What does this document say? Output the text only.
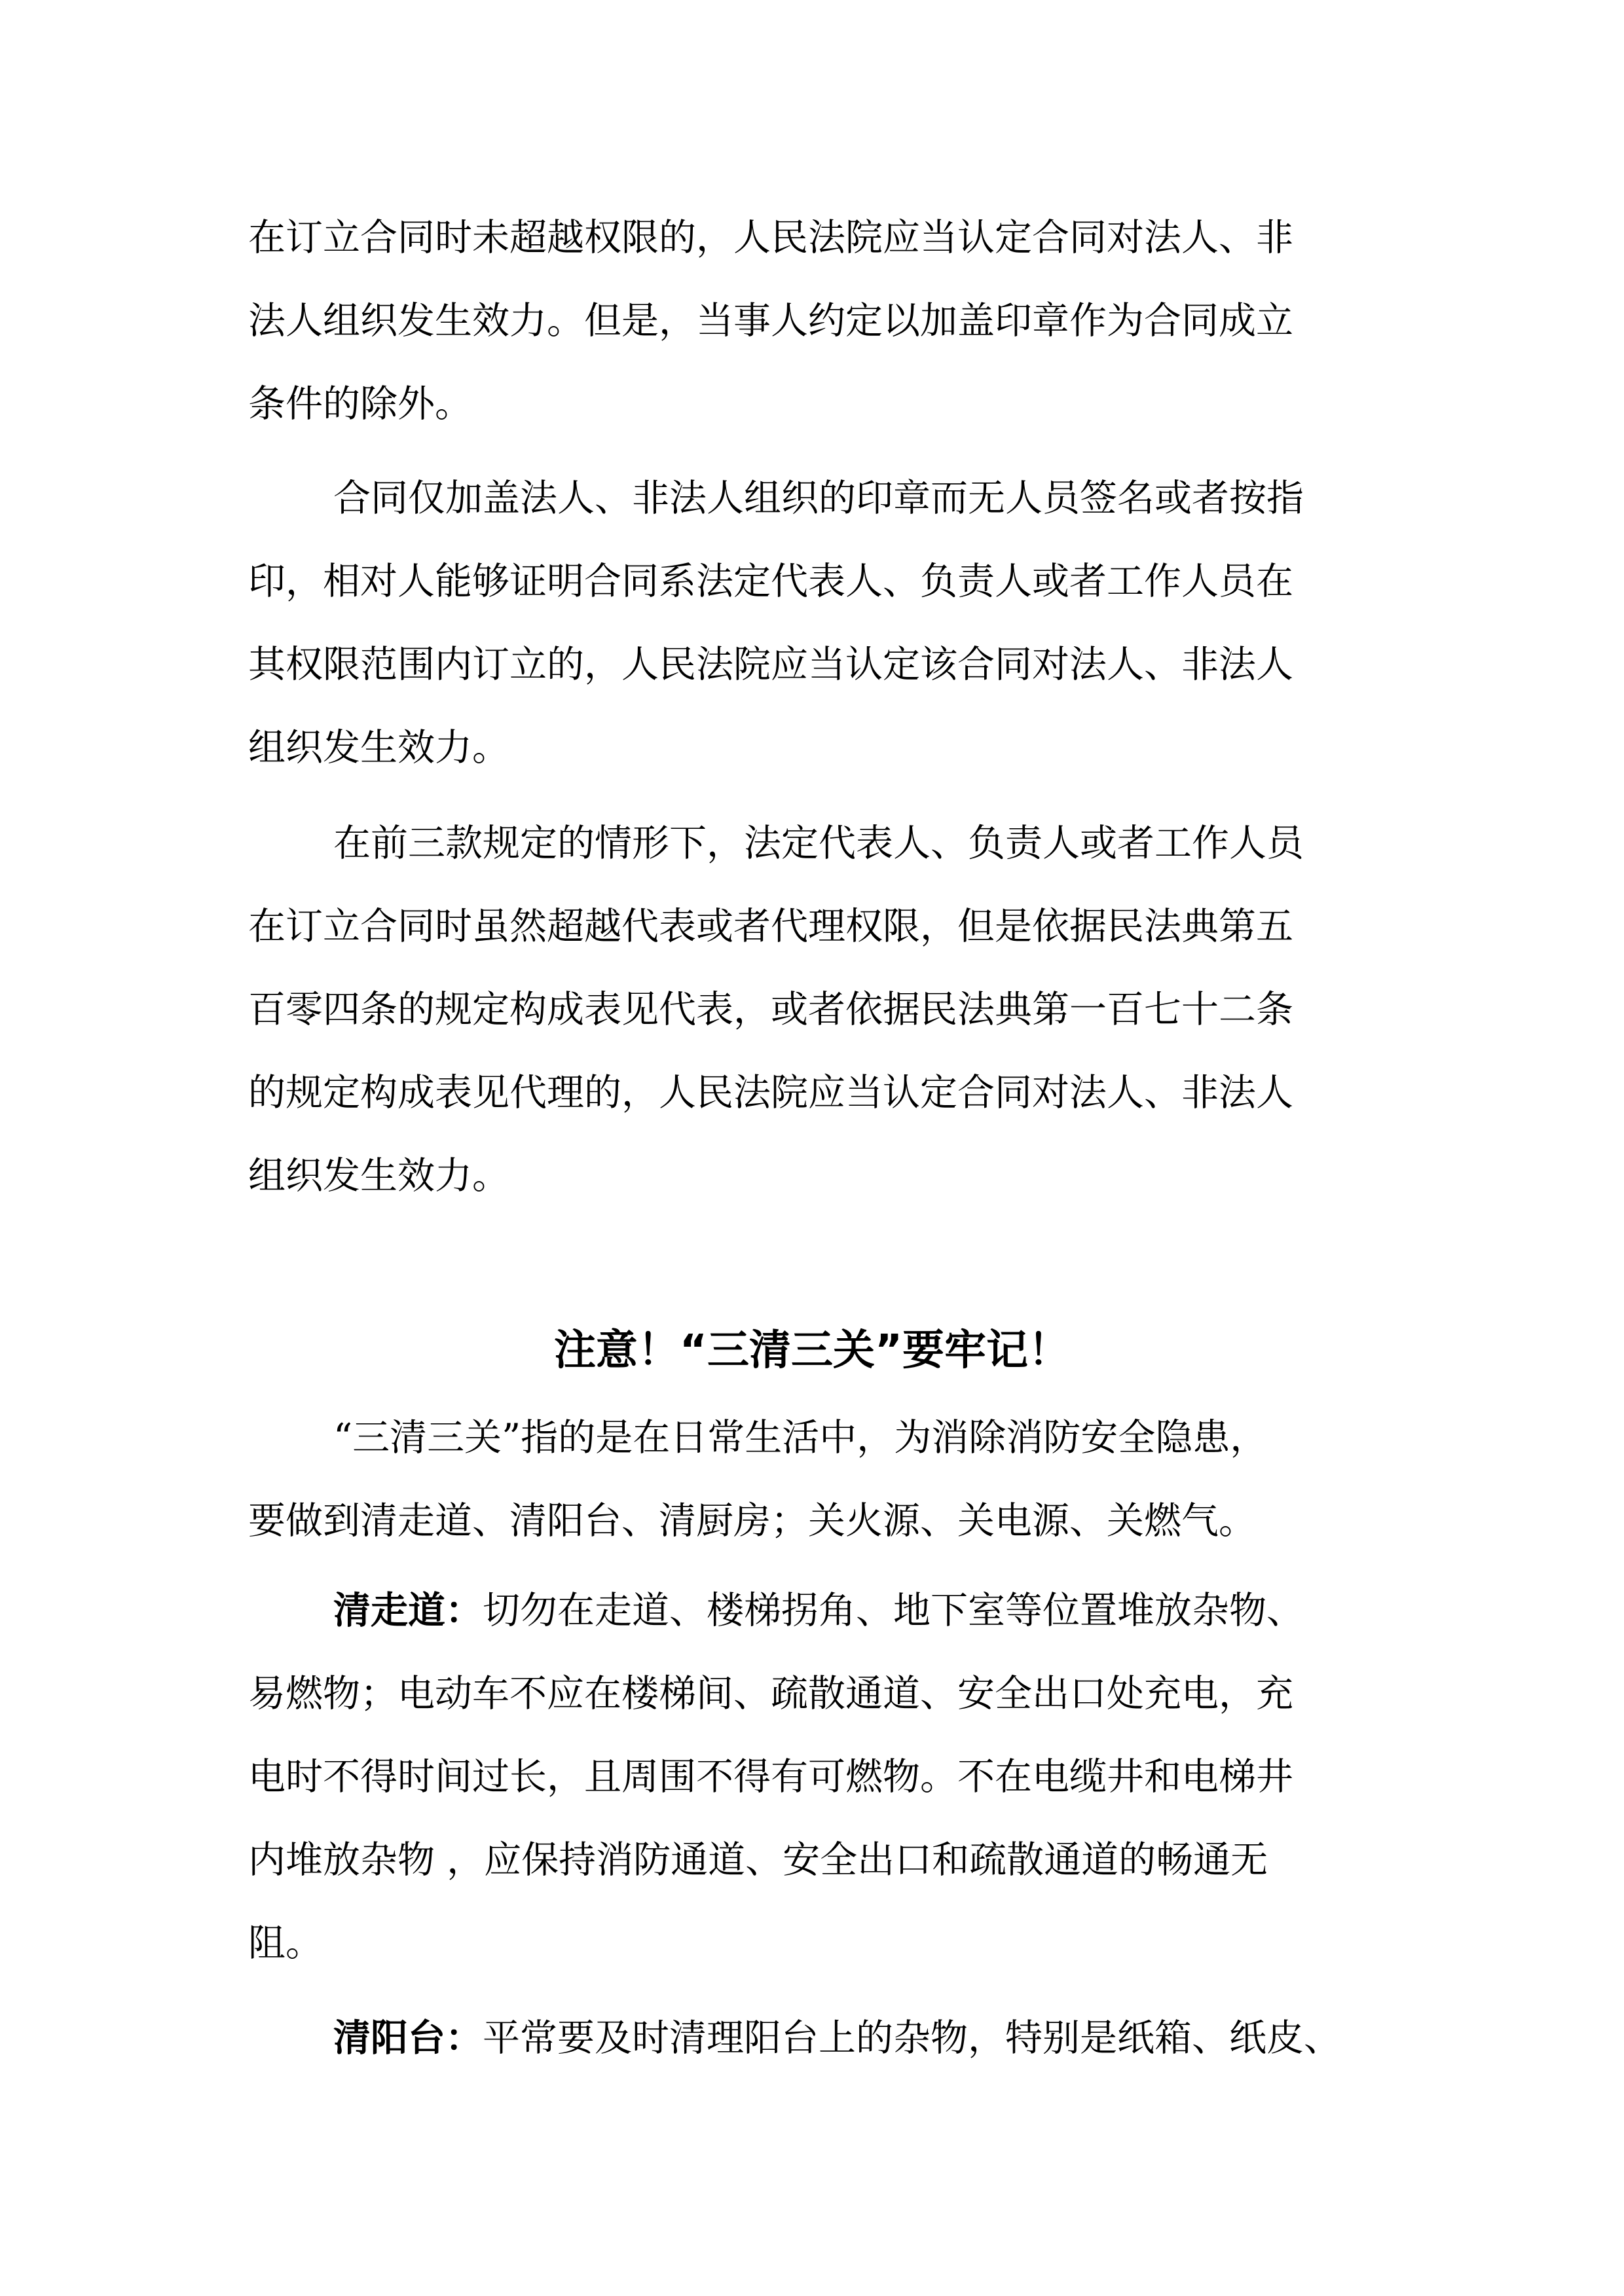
在订立合同时未超越权限的，人民法院应当认定合同对法人、非
法人组织发生效力。但是，当事人约定以加盖印章作为合同成立
条件的除外。
合同仅加盖法人、非法人组织的印章而无人员签名或者按指
印，相对人能够证明合同系法定代表人、负责人或者工作人员在
其权限范围内订立的，人民法院应当认定该合同对法人、非法人
组织发生效力。
在前三款规定的情形下，法定代表人、负责人或者工作人员
在订立合同时虽然超越代表或者代理权限，但是依据民法典第五
百零四条的规定构成表见代表，或者依据民法典第一百七十二条
的规定构成表见代理的，人民法院应当认定合同对法人、非法人
组织发生效力。
注意！“三清三关”要牢记！
“三清三关”指的是在日常生活中，为消除消防安全隐患，
要做到清走道、清阳台、清厨房；关火源、关电源、关燃气。
清走道：切勿在走道、楼梯拐角、地下室等位置堆放杂物、
易燃物；电动车不应在楼梯间、疏散通道、安全出口处充电，充
电时不得时间过长，且周围不得有可燃物。不在电缆井和电梯井
内堆放杂物 ，应保持消防通道、安全出口和疏散通道的畅通无
阻。
清阳台：平常要及时清理阳台上的杂物，特别是纸箱、纸皮、
